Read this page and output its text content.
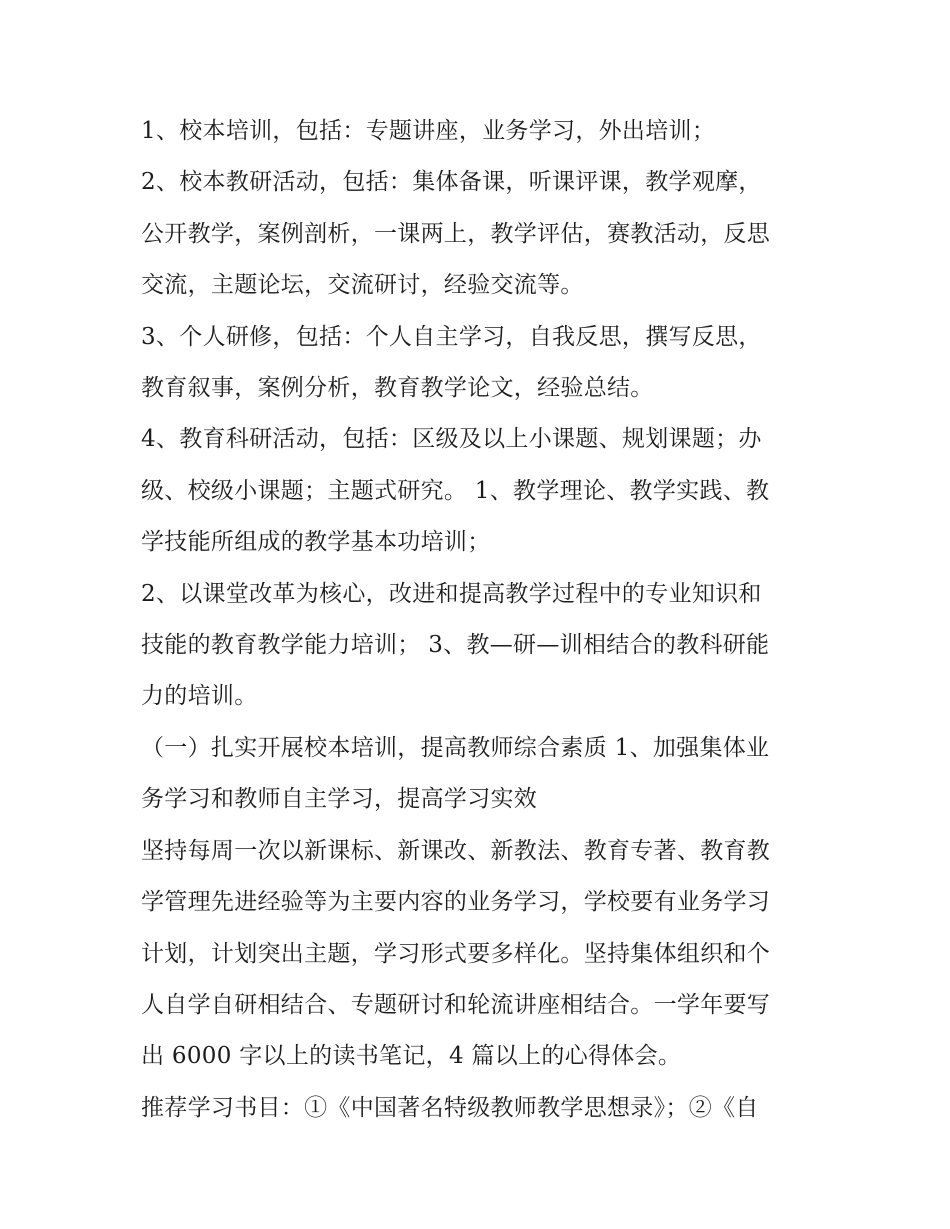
1、校本培训，包括：专题讲座，业务学习，外出培训；

2、校本教研活动，包括：集体备课，听课评课，教学观摩，

公开教学，案例剖析，一课两上，教学评估，赛教活动，反思

交流，主题论坛，交流研讨，经验交流等。

3、个人研修，包括：个人自主学习，自我反思，撰写反思，

教育叙事，案例分析，教育教学论文，经验总结。

4、教育科研活动，包括：区级及以上小课题、规划课题；办

级、校级小课题；主题式研究。 1、教学理论、教学实践、教

学技能所组成的教学基本功培训；

2、以课堂改革为核心，改进和提高教学过程中的专业知识和

技能的教育教学能力培训； 3、教—研—训相结合的教科研能

力的培训。

（一）扎实开展校本培训，提高教师综合素质 1、加强集体业

务学习和教师自主学习，提高学习实效

坚持每周一次以新课标、新课改、新教法、教育专著、教育教

学管理先进经验等为主要内容的业务学习，学校要有业务学习

计划，计划突出主题，学习形式要多样化。坚持集体组织和个

人自学自研相结合、专题研讨和轮流讲座相结合。一学年要写

出 6000 字以上的读书笔记，4 篇以上的心得体会。

推荐学习书目：①《中国著名特级教师教学思想录》；②《自
